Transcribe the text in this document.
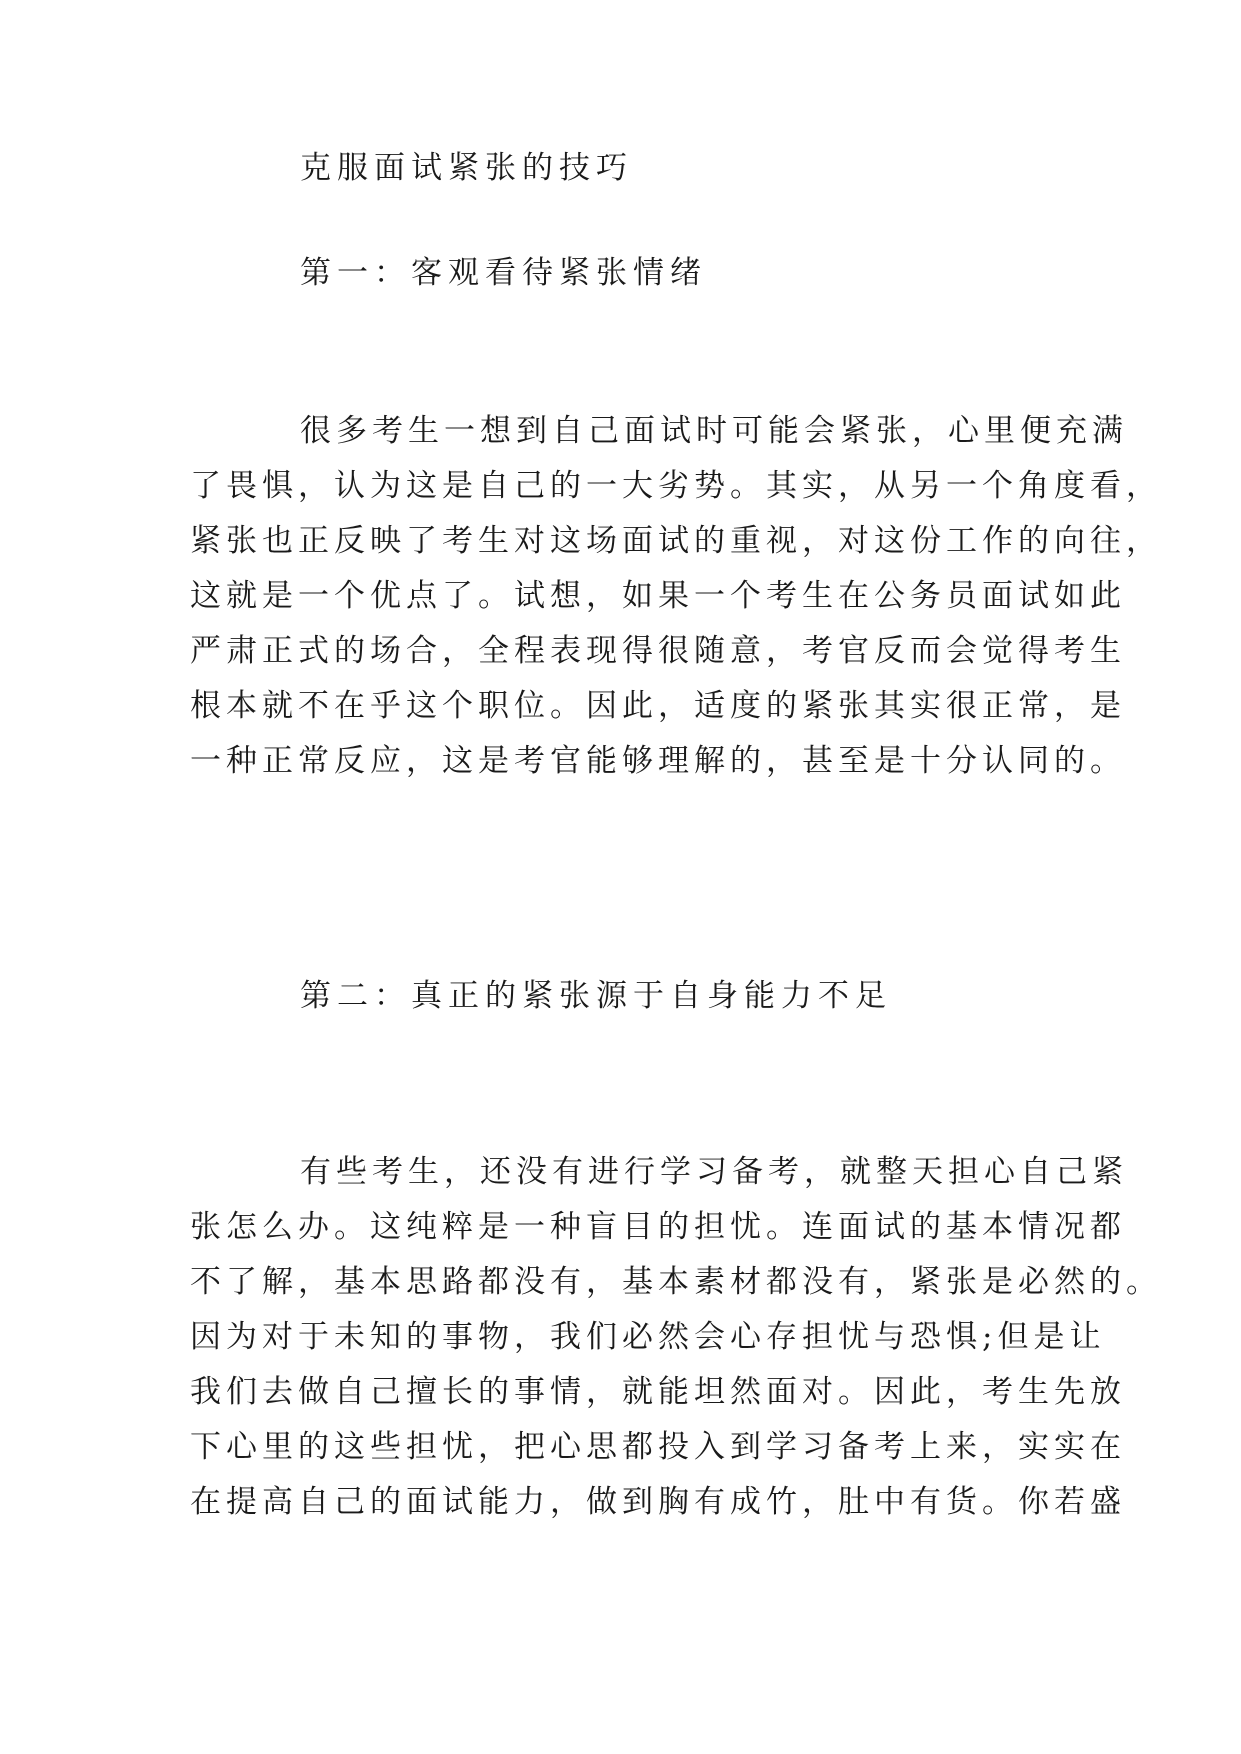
克服面试紧张的技巧
第一：客观看待紧张情绪
很多考生一想到自己面试时可能会紧张，心里便充满
了畏惧，认为这是自己的一大劣势。其实，从另一个角度看，
紧张也正反映了考生对这场面试的重视，对这份工作的向往，
这就是一个优点了。试想，如果一个考生在公务员面试如此
严肃正式的场合，全程表现得很随意，考官反而会觉得考生
根本就不在乎这个职位。因此，适度的紧张其实很正常，是
一种正常反应，这是考官能够理解的，甚至是十分认同的。
第二：真正的紧张源于自身能力不足
有些考生，还没有进行学习备考，就整天担心自己紧
张怎么办。这纯粹是一种盲目的担忧。连面试的基本情况都
不了解，基本思路都没有，基本素材都没有，紧张是必然的。
因为对于未知的事物，我们必然会心存担忧与恐惧;但是让
我们去做自己擅长的事情，就能坦然面对。因此，考生先放
下心里的这些担忧，把心思都投入到学习备考上来，实实在
在提高自己的面试能力，做到胸有成竹，肚中有货。你若盛
